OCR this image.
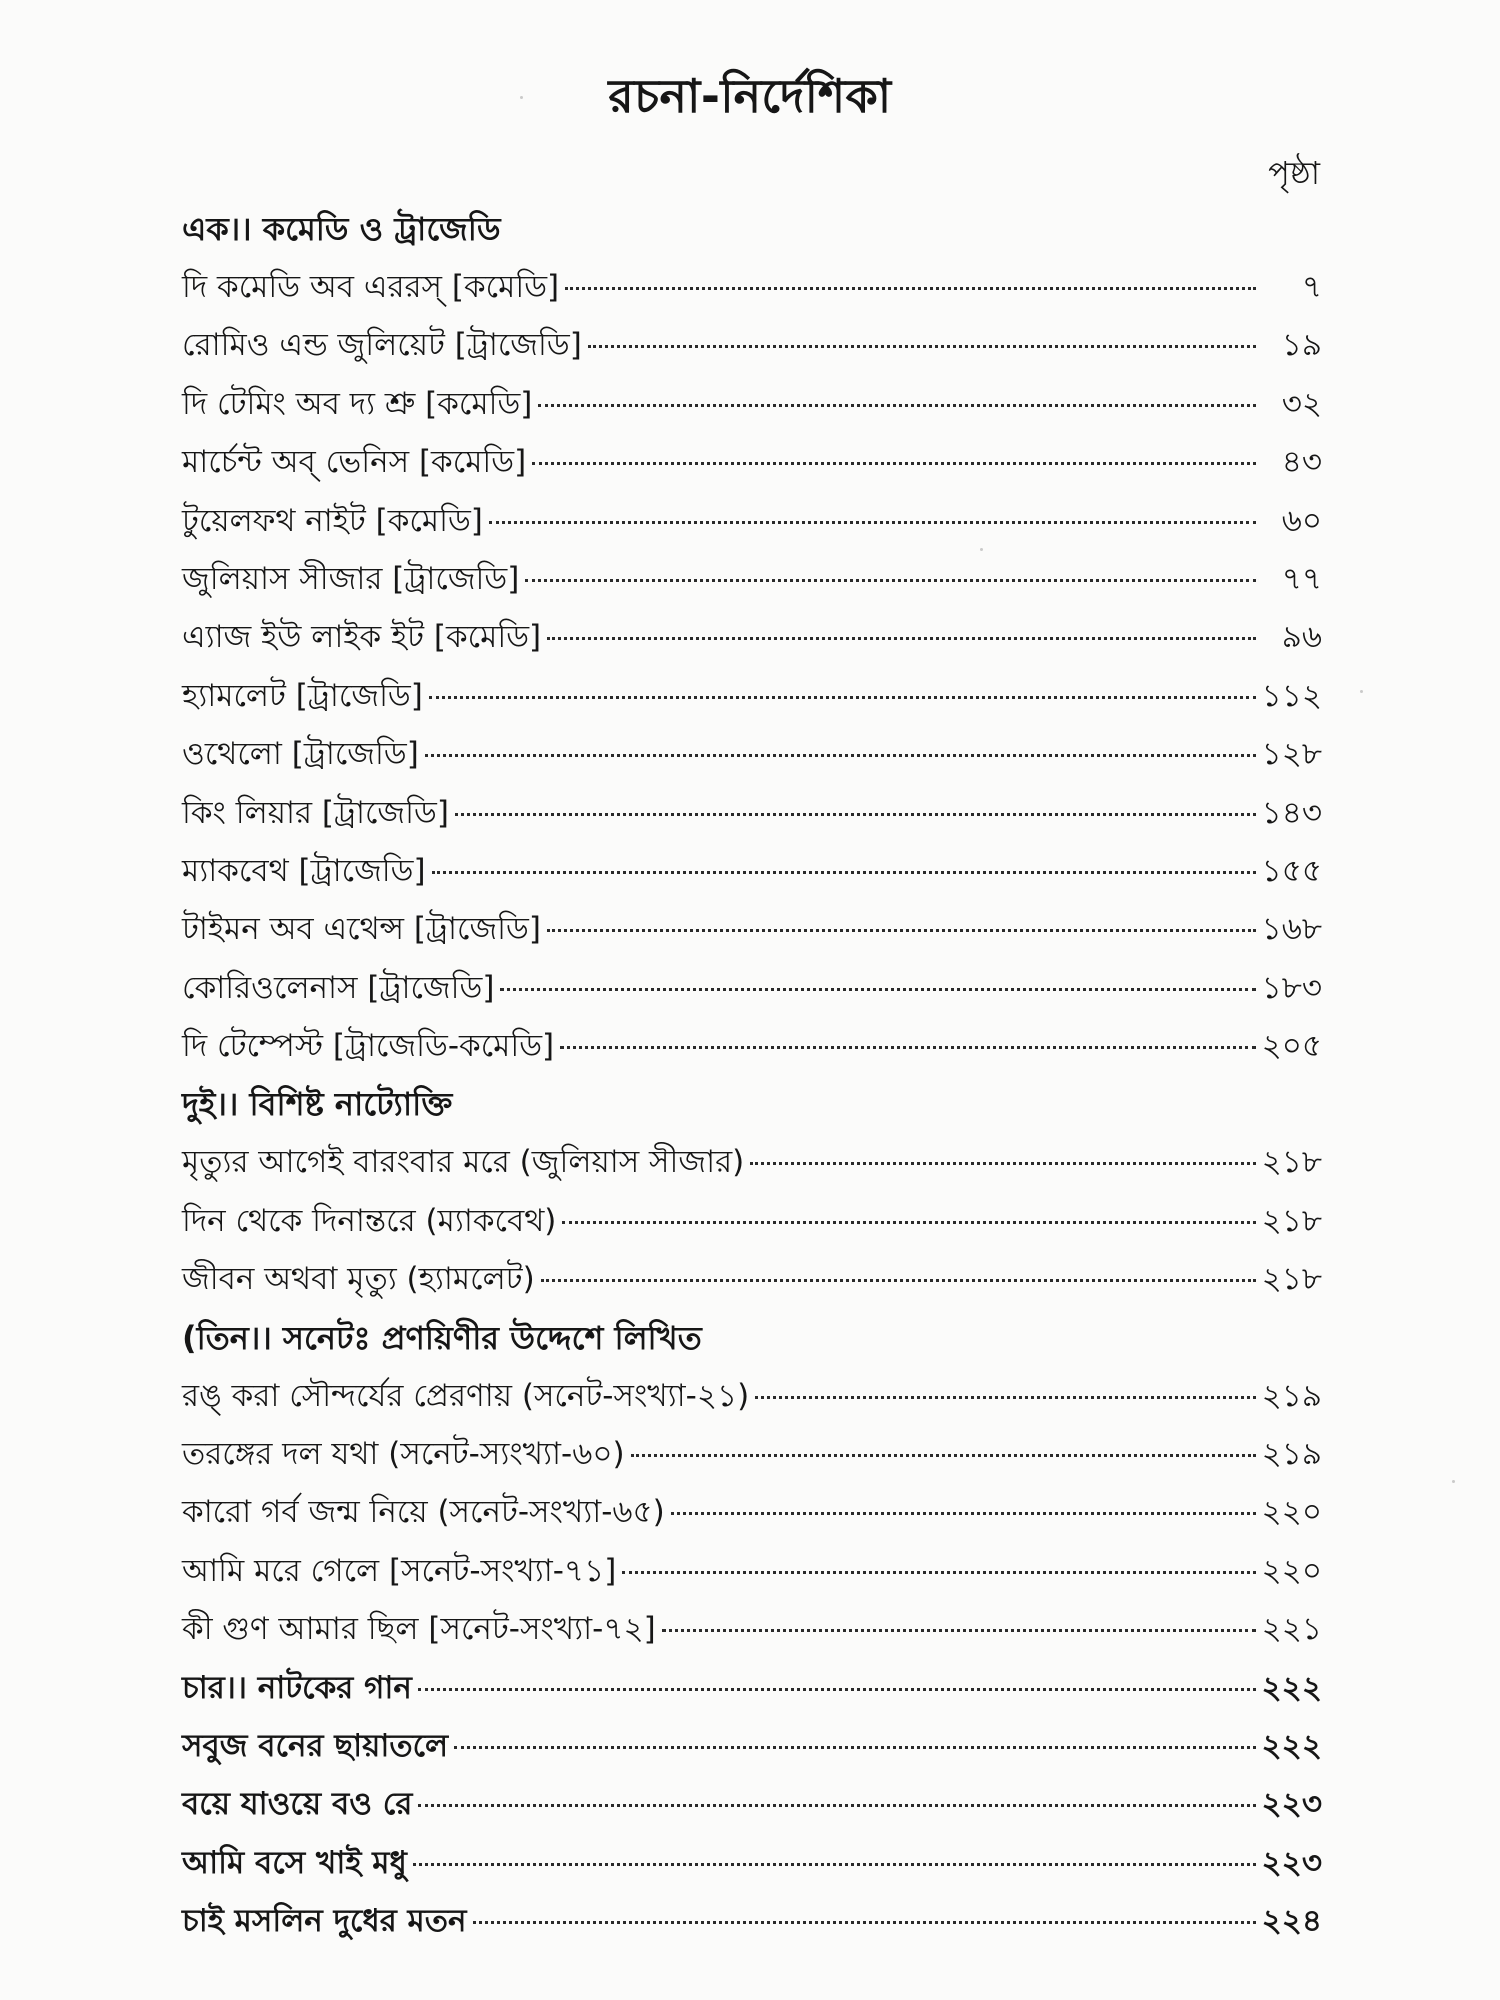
রচনা-নির্দেশিকা
পৃষ্ঠা
এক।। কমেডি ও ট্রাজেডি
দি কমেডি অব এররস্ [কমেডি]	৭
রোমিও এন্ড জুলিয়েট [ট্রাজেডি]	১৯
দি টেমিং অব দ্য শ্রু [কমেডি]	৩২
মার্চেন্ট অব্ ভেনিস [কমেডি]	৪৩
টুয়েলফথ নাইট [কমেডি]	৬০
জুলিয়াস সীজার [ট্রাজেডি]	৭৭
এ্যাজ ইউ লাইক ইট [কমেডি]	৯৬
হ্যামলেট [ট্রাজেডি]	১১২
ওথেলো [ট্রাজেডি]	১২৮
কিং লিয়ার [ট্রাজেডি]	১৪৩
ম্যাকবেথ [ট্রাজেডি]	১৫৫
টাইমন অব এথেন্স [ট্রাজেডি]	১৬৮
কোরিওলেনাস [ট্রাজেডি]	১৮৩
দি টেম্পেস্ট [ট্রাজেডি-কমেডি]	২০৫
দুই।। বিশিষ্ট নাট্যোক্তি
মৃত্যুর আগেই বারংবার মরে (জুলিয়াস সীজার)	২১৮
দিন থেকে দিনান্তরে (ম্যাকবেথ)	২১৮
জীবন অথবা মৃত্যু (হ্যামলেট)	২১৮
(তিন।। সনেটঃ প্রণয়িণীর উদ্দেশে লিখিত
রঙ্ করা সৌন্দর্যের প্রেরণায় (সনেট-সংখ্যা-২১)	২১৯
তরঙ্গের দল যথা (সনেট-স্যংখ্যা-৬০)	২১৯
কারো গর্ব জন্ম নিয়ে (সনেট-সংখ্যা-৬৫)	২২০
আমি মরে গেলে [সনেট-সংখ্যা-৭১]	২২০
কী গুণ আমার ছিল [সনেট-সংখ্যা-৭২]	২২১
চার।। নাটকের গান	২২২
সবুজ বনের ছায়াতলে	২২২
বয়ে যাওয়ে বও রে	২২৩
আমি বসে খাই মধু	২২৩
চাই মসলিন দুধের মতন	২২৪
